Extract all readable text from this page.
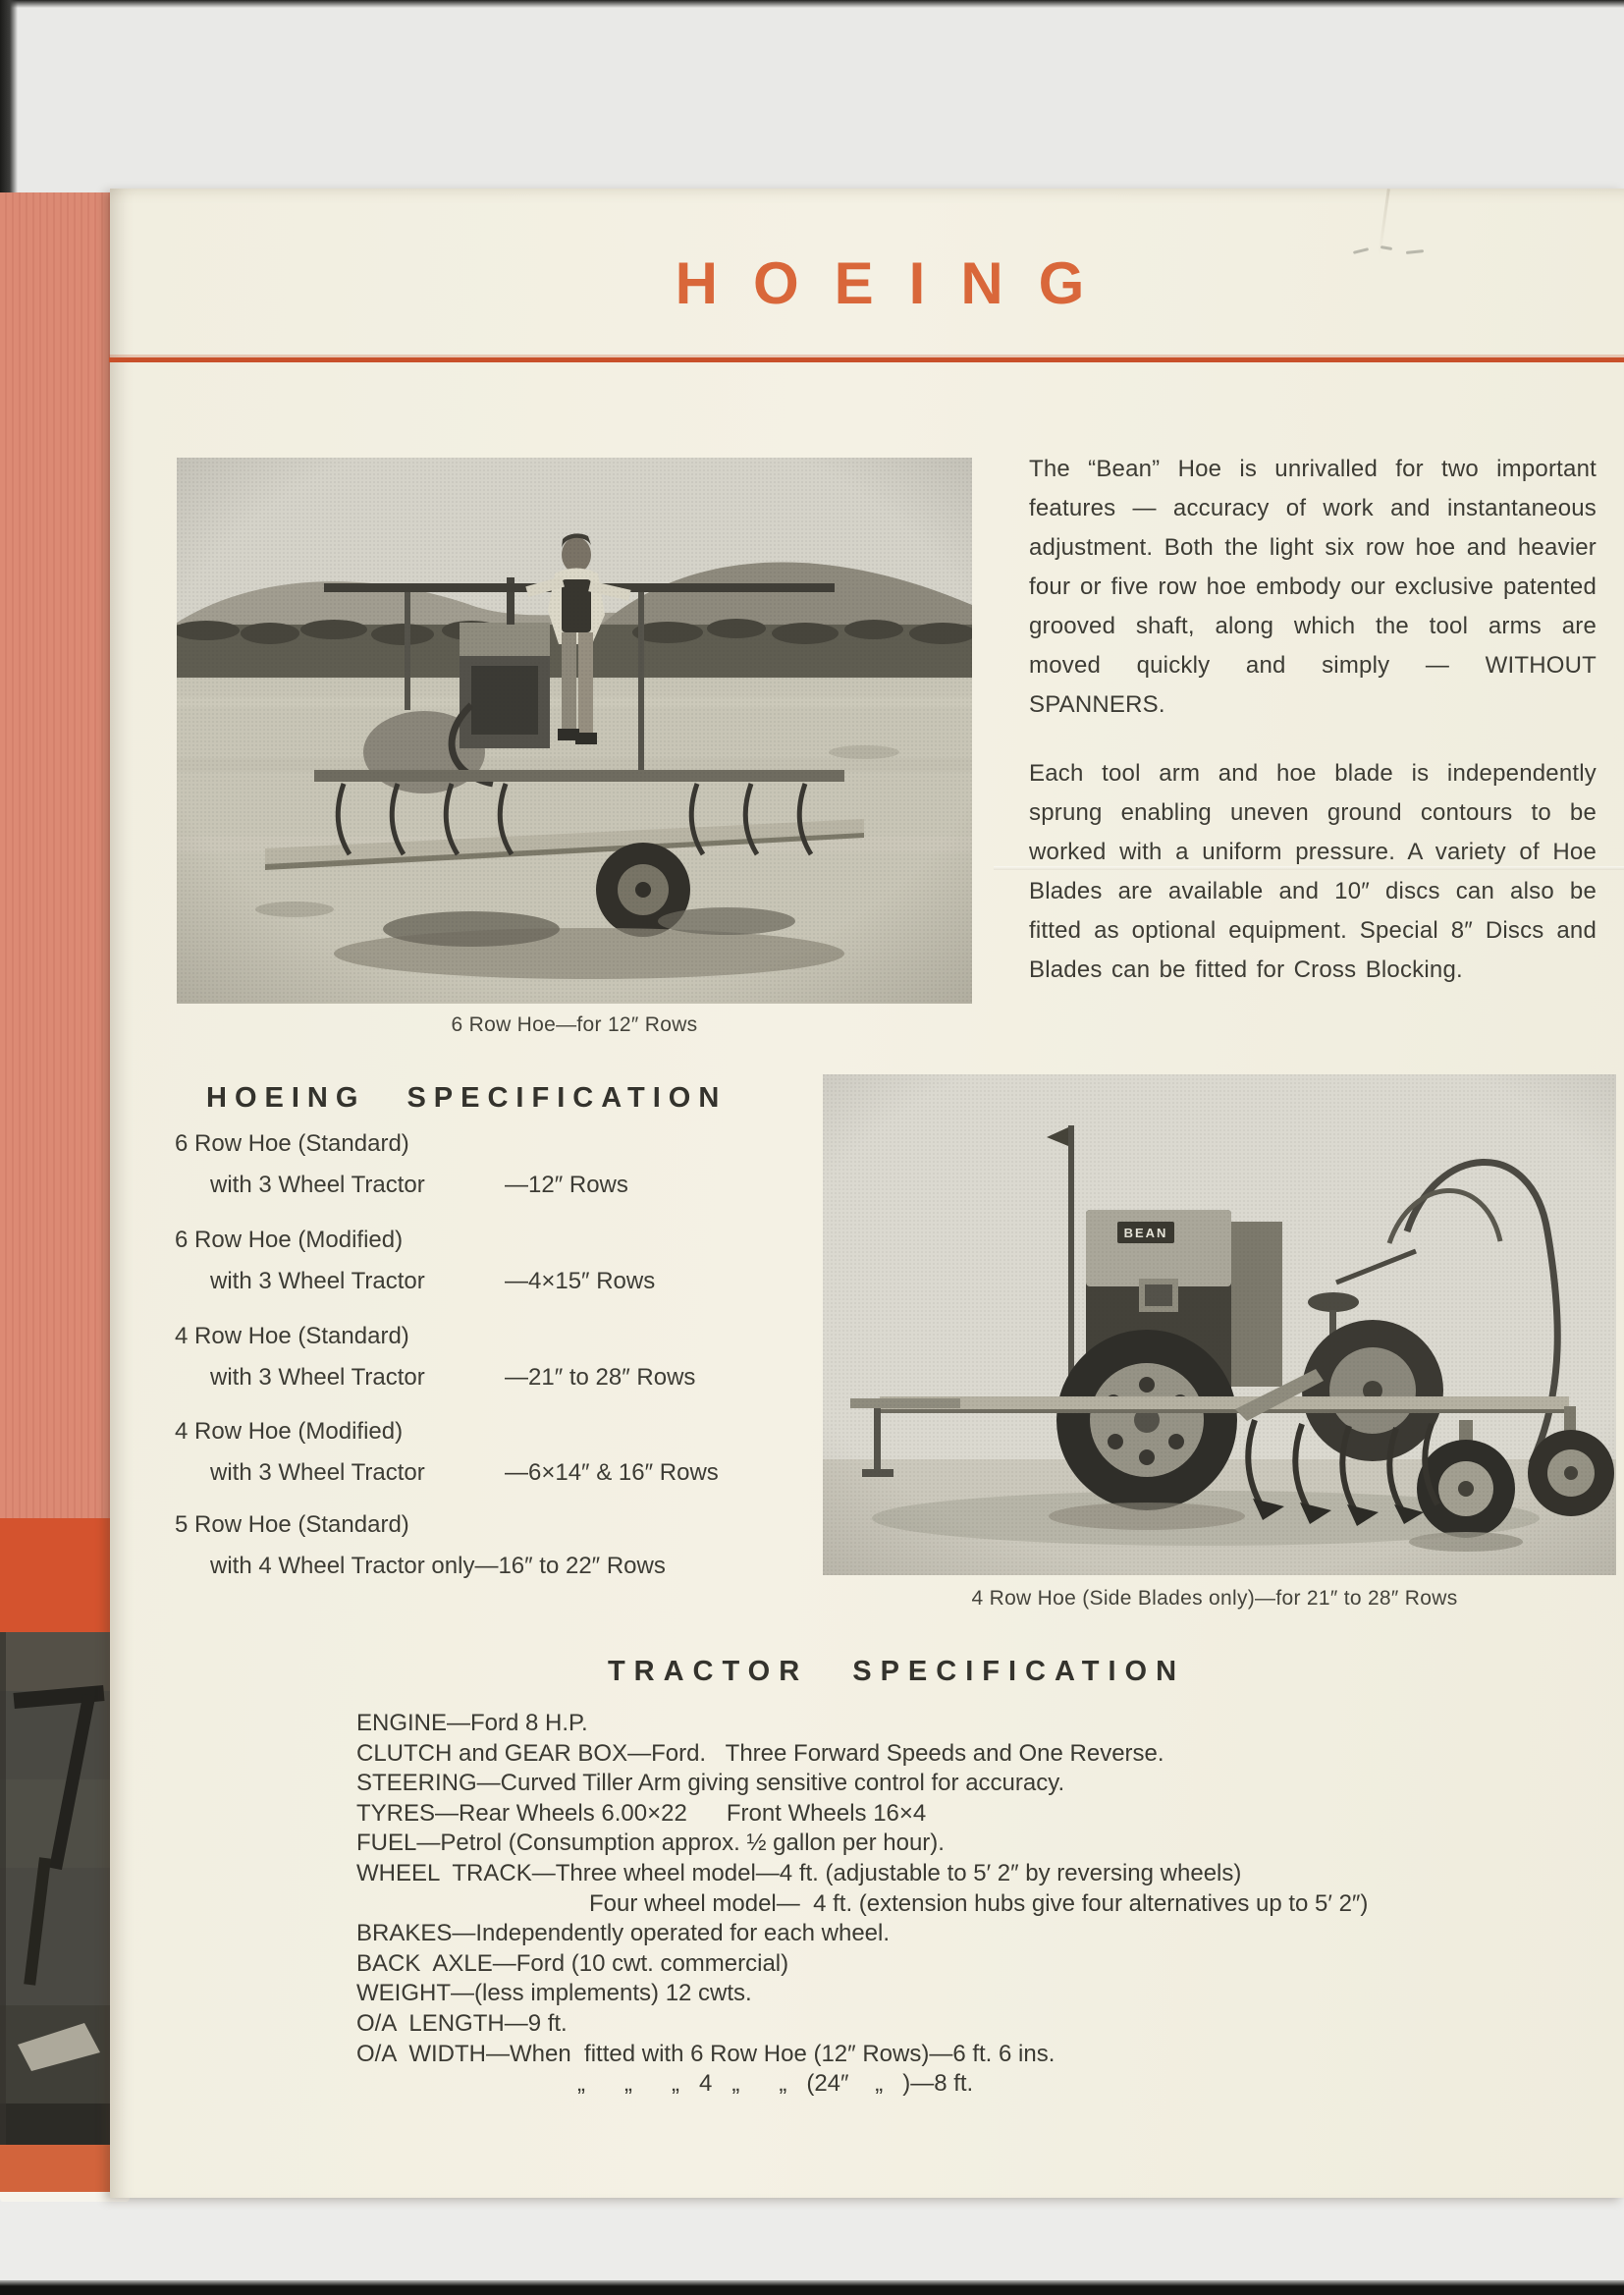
HOEING
6 Row Hoe—for 12″ Rows

The “Bean” Hoe is unrivalled for two important features — accuracy of work and instantaneous adjustment. Both the light six row hoe and heavier four or five row hoe embody our exclusive patented grooved shaft, along which the tool arms are moved quickly and simply — WITHOUT SPANNERS.

Each tool arm and hoe blade is independently sprung enabling uneven ground contours to be worked with a uniform pressure. A variety of Hoe Blades are available and 10″ discs can also be fitted as optional equipment. Special 8″ Discs and Blades can be fitted for Cross Blocking.

HOEING SPECIFICATION
6 Row Hoe (Standard)
with 3 Wheel Tractor	—12″ Rows
6 Row Hoe (Modified)
with 3 Wheel Tractor	—4×15″ Rows
4 Row Hoe (Standard)
with 3 Wheel Tractor	—21″ to 28″ Rows
4 Row Hoe (Modified)
with 3 Wheel Tractor	—6×14″ & 16″ Rows
5 Row Hoe (Standard)
with 4 Wheel Tractor only—16″ to 22″ Rows
4 Row Hoe (Side Blades only)—for 21″ to 28″ Rows
TRACTOR SPECIFICATION
ENGINE—Ford 8 H.P.
CLUTCH and GEAR BOX—Ford.   Three Forward Speeds and One Reverse.
STEERING—Curved Tiller Arm giving sensitive control for accuracy.
TYRES—Rear Wheels 6.00×22      Front Wheels 16×4
FUEL—Petrol (Consumption approx. ½ gallon per hour).
WHEEL  TRACK—Three wheel model—4 ft. (adjustable to 5′ 2″ by reversing wheels)
Four wheel model—  4 ft. (extension hubs give four alternatives up to 5′ 2″)
BRAKES—Independently operated for each wheel.
BACK  AXLE—Ford (10 cwt. commercial)
WEIGHT—(less implements) 12 cwts.
O/A  LENGTH—9 ft.
O/A  WIDTH—When  fitted with 6 Row Hoe (12″ Rows)—6 ft. 6 ins.
„      „      „   4   „      „   (24″    „   )—8 ft.
